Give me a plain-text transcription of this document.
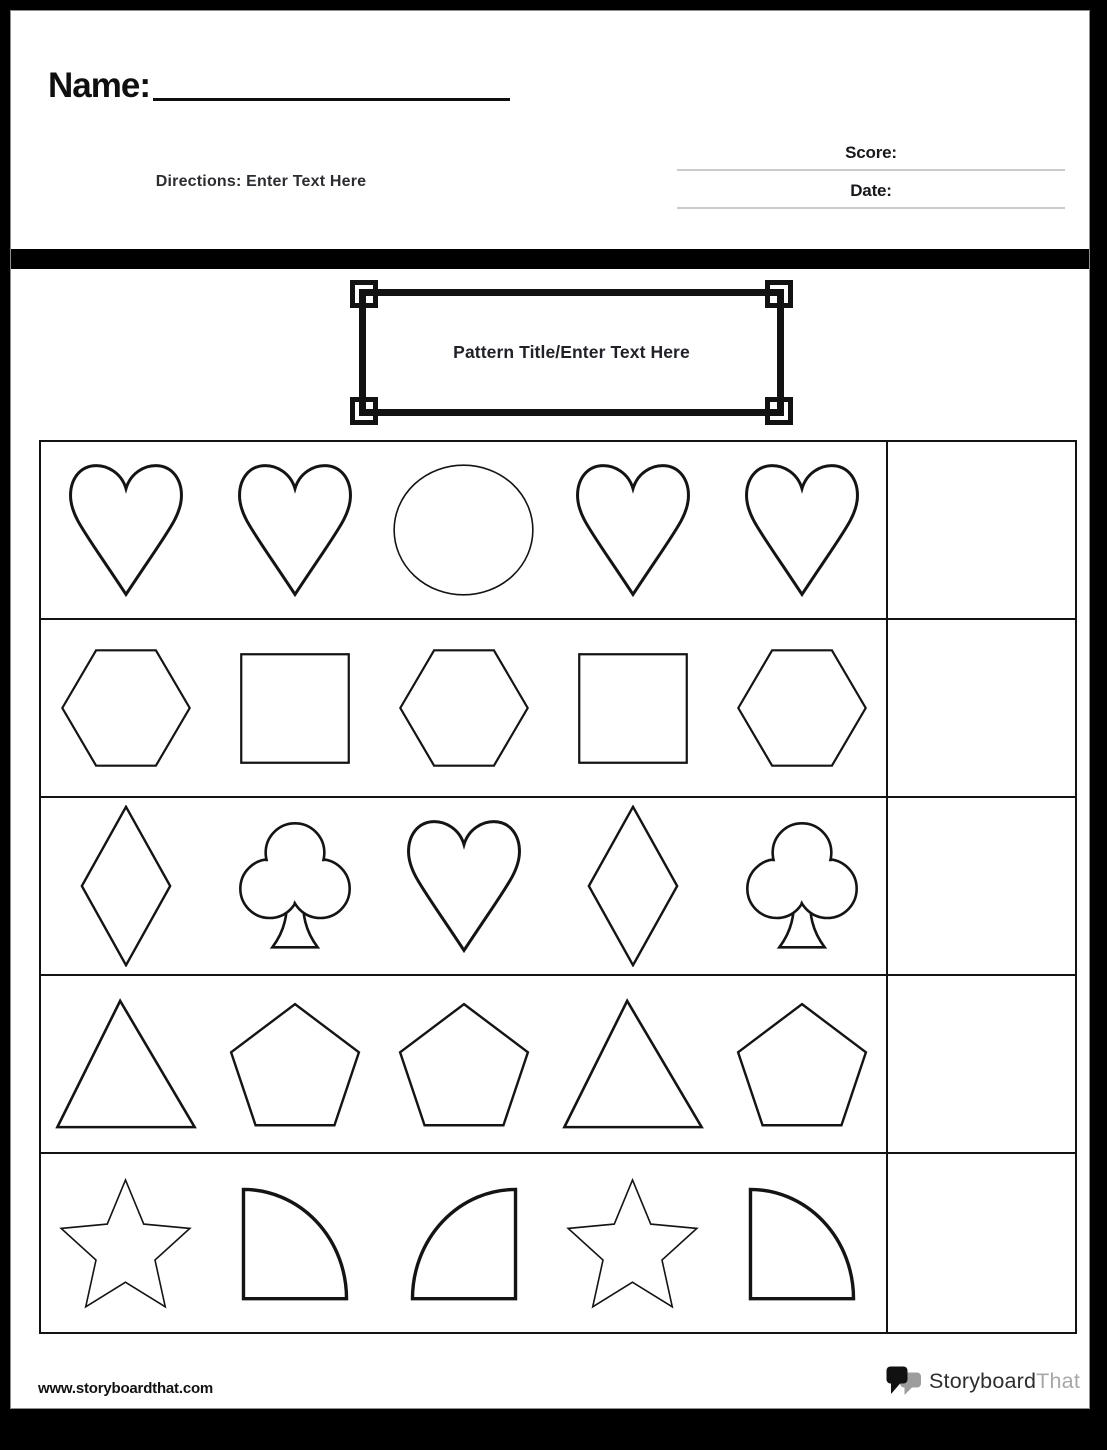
Name:
Directions: Enter Text Here
Score:
Date:
Pattern Title/Enter Text Here
www.storyboardthat.com	StoryboardThat
